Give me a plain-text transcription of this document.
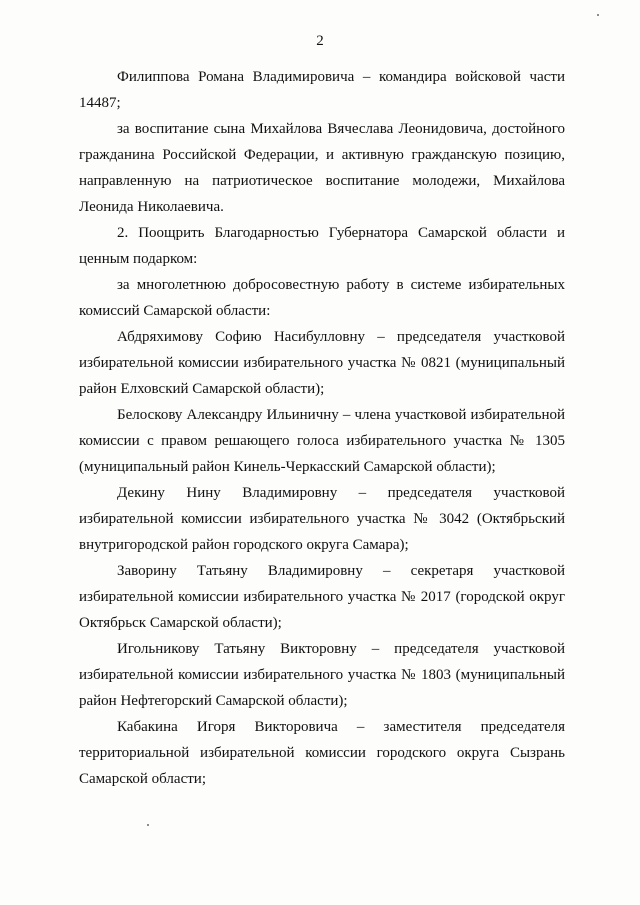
2

Филиппова Романа Владимировича – командира войсковой части 14487;

за воспитание сына Михайлова Вячеслава Леонидовича, достойного гражданина Российской Федерации, и активную гражданскую позицию, направленную на патриотическое воспитание молодежи, Михайлова Леонида Николаевича.

2. Поощрить Благодарностью Губернатора Самарской области и ценным подарком:

за многолетнюю добросовестную работу в системе избирательных комиссий Самарской области:

Абдряхимову Софию Насибулловну – председателя участковой избирательной комиссии избирательного участка № 0821 (муниципальный район Елховский Самарской области);

Белоскову Александру Ильиничну – члена участковой избирательной комиссии с правом решающего голоса избирательного участка № 1305 (муниципальный район Кинель-Черкасский Самарской области);

Декину Нину Владимировну – председателя участковой избирательной комиссии избирательного участка № 3042 (Октябрьский внутригородской район городского округа Самара);

Заворину Татьяну Владимировну – секретаря участковой избирательной комиссии избирательного участка № 2017 (городской округ Октябрьск Самарской области);

Игольникову Татьяну Викторовну – председателя участковой избирательной комиссии избирательного участка № 1803 (муниципальный район Нефтегорский Самарской области);

Кабакина Игоря Викторовича – заместителя председателя территориальной избирательной комиссии городского округа Сызрань Самарской области;
